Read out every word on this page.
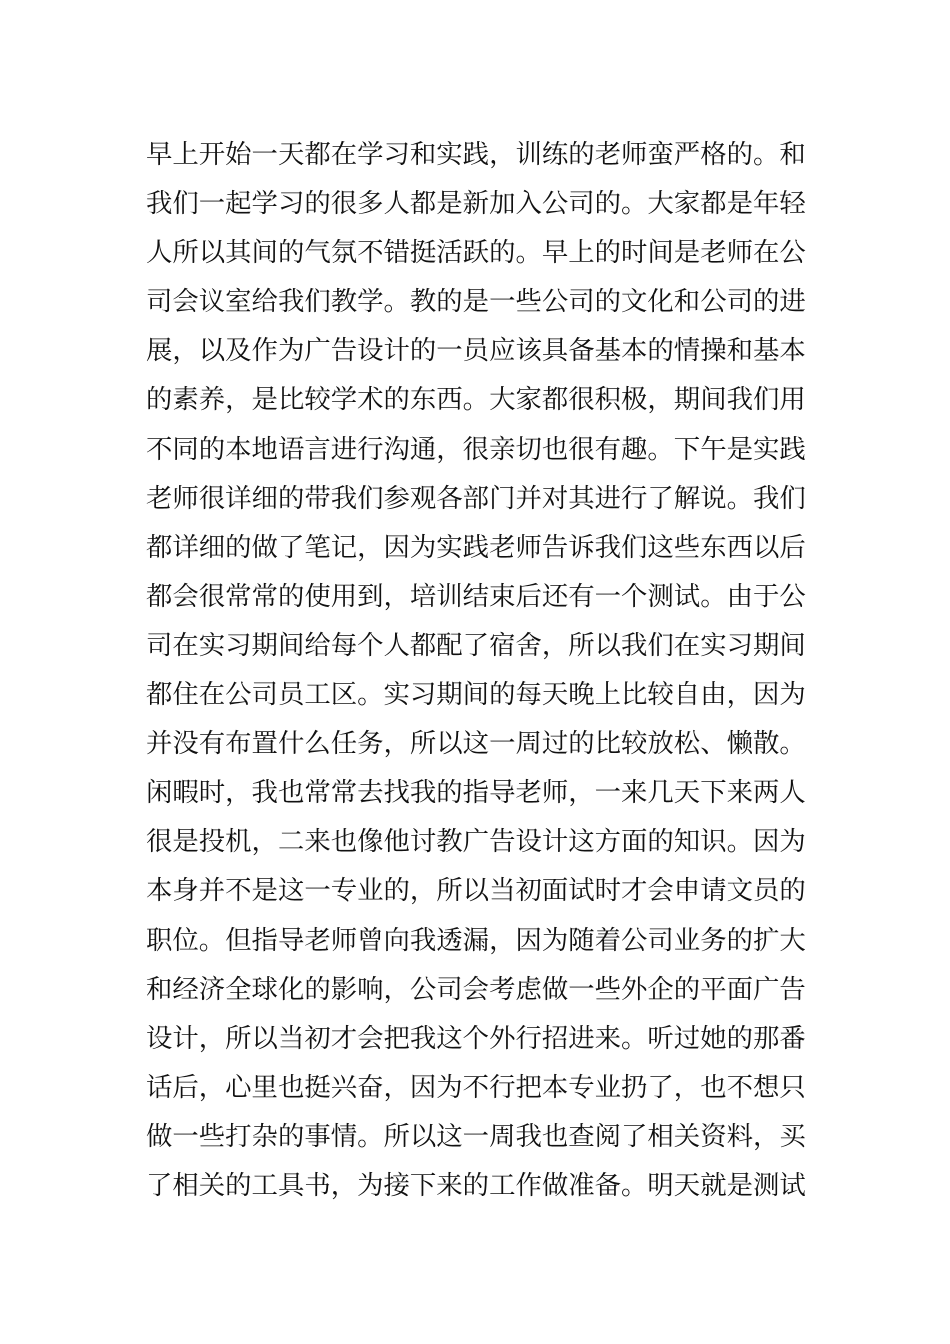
早上开始一天都在学习和实践，训练的老师蛮严格的。和
我们一起学习的很多人都是新加入公司的。大家都是年轻
人所以其间的气氛不错挺活跃的。早上的时间是老师在公
司会议室给我们教学。教的是一些公司的文化和公司的进
展，以及作为广告设计的一员应该具备基本的情操和基本
的素养，是比较学术的东西。大家都很积极，期间我们用
不同的本地语言进行沟通，很亲切也很有趣。下午是实践
老师很详细的带我们参观各部门并对其进行了解说。我们
都详细的做了笔记，因为实践老师告诉我们这些东西以后
都会很常常的使用到，培训结束后还有一个测试。由于公
司在实习期间给每个人都配了宿舍，所以我们在实习期间
都住在公司员工区。实习期间的每天晚上比较自由，因为
并没有布置什么任务，所以这一周过的比较放松、懒散。
闲暇时，我也常常去找我的指导老师，一来几天下来两人
很是投机，二来也像他讨教广告设计这方面的知识。因为
本身并不是这一专业的，所以当初面试时才会申请文员的
职位。但指导老师曾向我透漏，因为随着公司业务的扩大
和经济全球化的影响，公司会考虑做一些外企的平面广告
设计，所以当初才会把我这个外行招进来。听过她的那番
话后，心里也挺兴奋，因为不行把本专业扔了，也不想只
做一些打杂的事情。所以这一周我也查阅了相关资料，买
了相关的工具书，为接下来的工作做准备。明天就是测试
